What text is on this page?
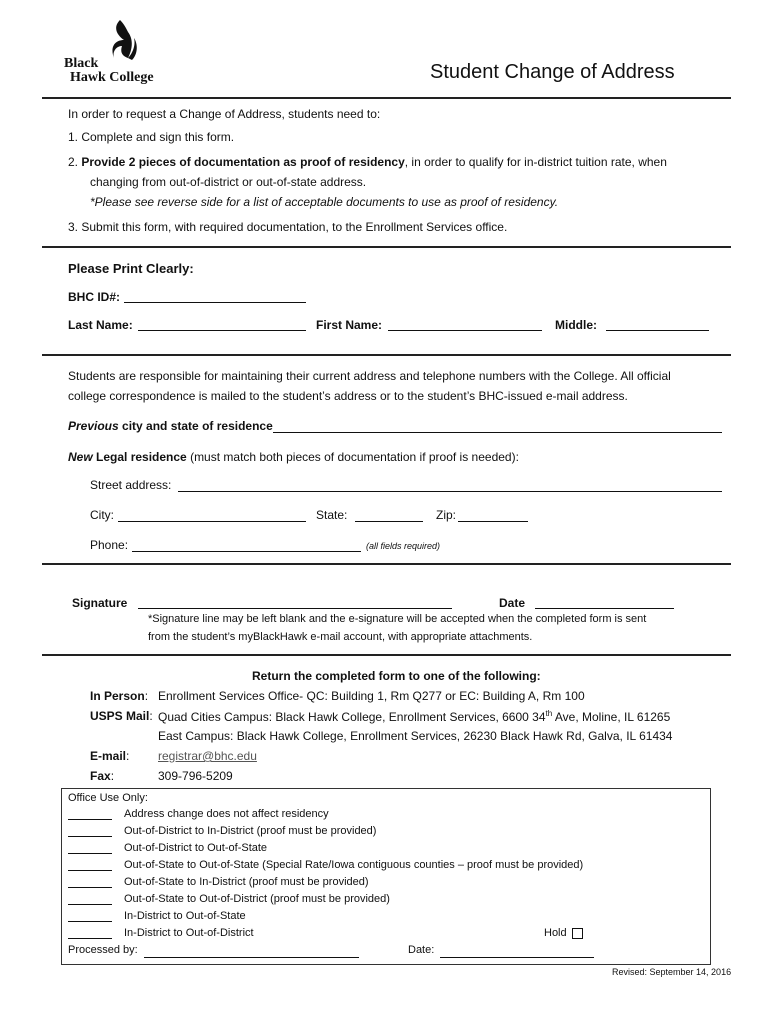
Black
Hawk College	Student Change of Address
In order to request a Change of Address, students need to:
1. Complete and sign this form.
2. Provide 2 pieces of documentation as proof of residency, in order to qualify for in-district tuition rate, when
changing from out-of-district or out-of-state address.
*Please see reverse side for a list of acceptable documents to use as proof of residency.
3. Submit this form, with required documentation, to the Enrollment Services office.
Please Print Clearly:
BHC ID#:
Last Name:	First Name:	Middle:
Students are responsible for maintaining their current address and telephone numbers with the College. All official
college correspondence is mailed to the student’s address or to the student’s BHC-issued e-mail address.
Previous city and state of residence
New Legal residence (must match both pieces of documentation if proof is needed):
Street address:
City:	State:	Zip:
Phone:	(all fields required)
Signature	Date
*Signature line may be left blank and the e-signature will be accepted when the completed form is sent
from the student’s myBlackHawk e-mail account, with appropriate attachments.
Return the completed form to one of the following:
In Person: Enrollment Services Office- QC: Building 1, Rm Q277 or EC: Building A, Rm 100
USPS Mail: Quad Cities Campus: Black Hawk College, Enrollment Services, 6600 34th Ave, Moline, IL 61265
East Campus: Black Hawk College, Enrollment Services, 26230 Black Hawk Rd, Galva, IL 61434
E-mail: registrar@bhc.edu
Fax:	309-796-5209
Office Use Only:
Address change does not affect residency
Out-of-District to In-District (proof must be provided)
Out-of-District to Out-of-State
Out-of-State to Out-of-State (Special Rate/Iowa contiguous counties – proof must be provided)
Out-of-State to In-District (proof must be provided)
Out-of-State to Out-of-District (proof must be provided)
In-District to Out-of-State
In-District to Out-of-District	Hold
Processed by:	Date:
Revised: September 14, 2016
